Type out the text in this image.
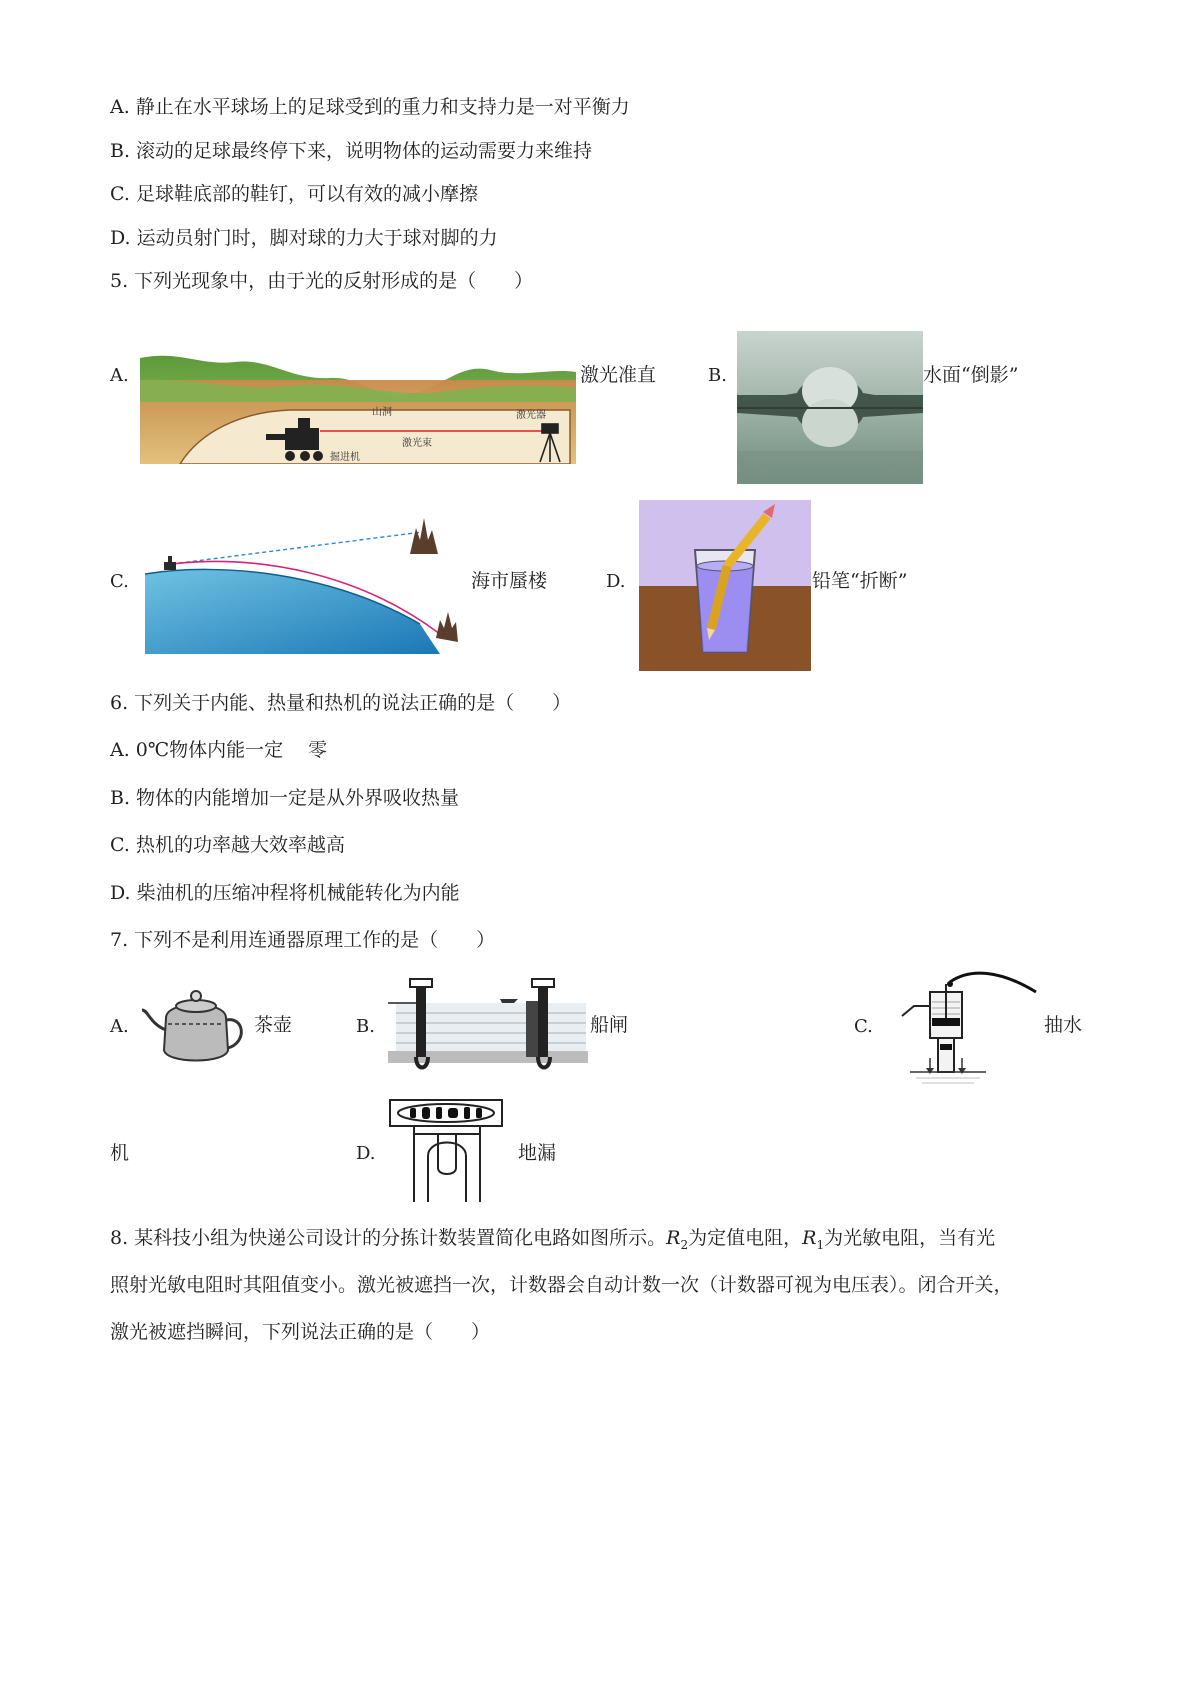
A. 静止在水平球场上的足球受到的重力和支持力是一对平衡力
B. 滚动的足球最终停下来，说明物体的运动需要力来维持
C. 足球鞋底部的鞋钉，可以有效的减小摩擦
D. 运动员射门时，脚对球的力大于球对脚的力
5. 下列光现象中，由于光的反射形成的是（　　）
A.
山洞	激光器
激光束
掘进机
激光准直	B.	水面“倒影”
C.	海市蜃楼	D.	铅笔“折断”
6. 下列关于内能、热量和热机的说法正确的是（　　）
A. 0℃物体内能一定　 零
B. 物体的内能增加一定是从外界吸收热量
C. 热机的功率越大效率越高
D. 柴油机的压缩冲程将机械能转化为内能
7. 下列不是利用连通器原理工作的是（　　）
A.	茶壶	B.	船闸	C.	抽水
机	D.	地漏
8. 某科技小组为快递公司设计的分拣计数装置简化电路如图所示。$R_2$为定值电阻，$R_1$为光敏电阻，当有光
照射光敏电阻时其阻值变小。激光被遮挡一次，计数器会自动计数一次（计数器可视为电压表）。闭合开关，
激光被遮挡瞬间，下列说法正确的是（　　）
